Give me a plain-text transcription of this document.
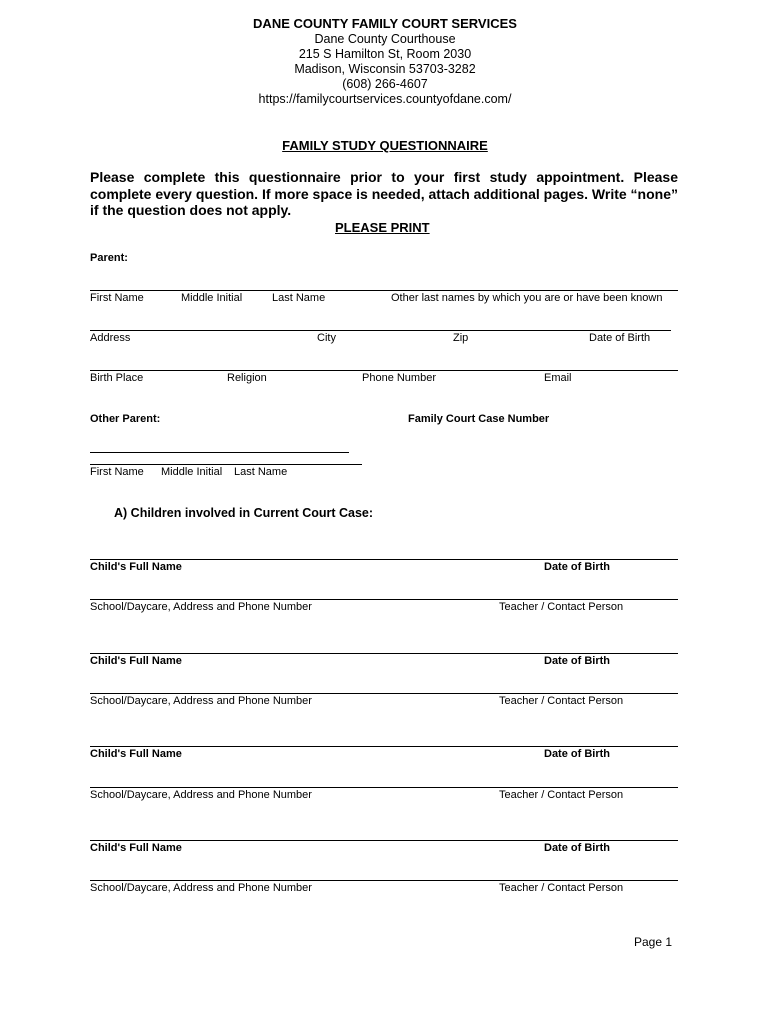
DANE COUNTY FAMILY COURT SERVICES
Dane County Courthouse
215 S Hamilton St, Room 2030
Madison, Wisconsin 53703-3282
(608) 266-4607
https://familycourtservices.countyofdane.com/
FAMILY STUDY QUESTIONNAIRE
Please complete this questionnaire prior to your first study appointment. Please complete every question. If more space is needed, attach additional pages. Write “none” if the question does not apply.
PLEASE PRINT
Parent:
First Name	Middle Initial	Last Name	Other last names by which you are or have been known
Address	City	Zip	Date of Birth
Birth Place	Religion	Phone Number	Email
Other Parent:	Family Court Case Number
First Name Middle Initial Last Name
A) Children involved in Current Court Case:
Child's Full Name	Date of Birth
School/Daycare, Address and Phone Number	Teacher / Contact Person
Child's Full Name	Date of Birth
School/Daycare, Address and Phone Number	Teacher / Contact Person
Child's Full Name	Date of Birth
School/Daycare, Address and Phone Number	Teacher / Contact Person
Child's Full Name	Date of Birth
School/Daycare, Address and Phone Number	Teacher / Contact Person
Page 1
